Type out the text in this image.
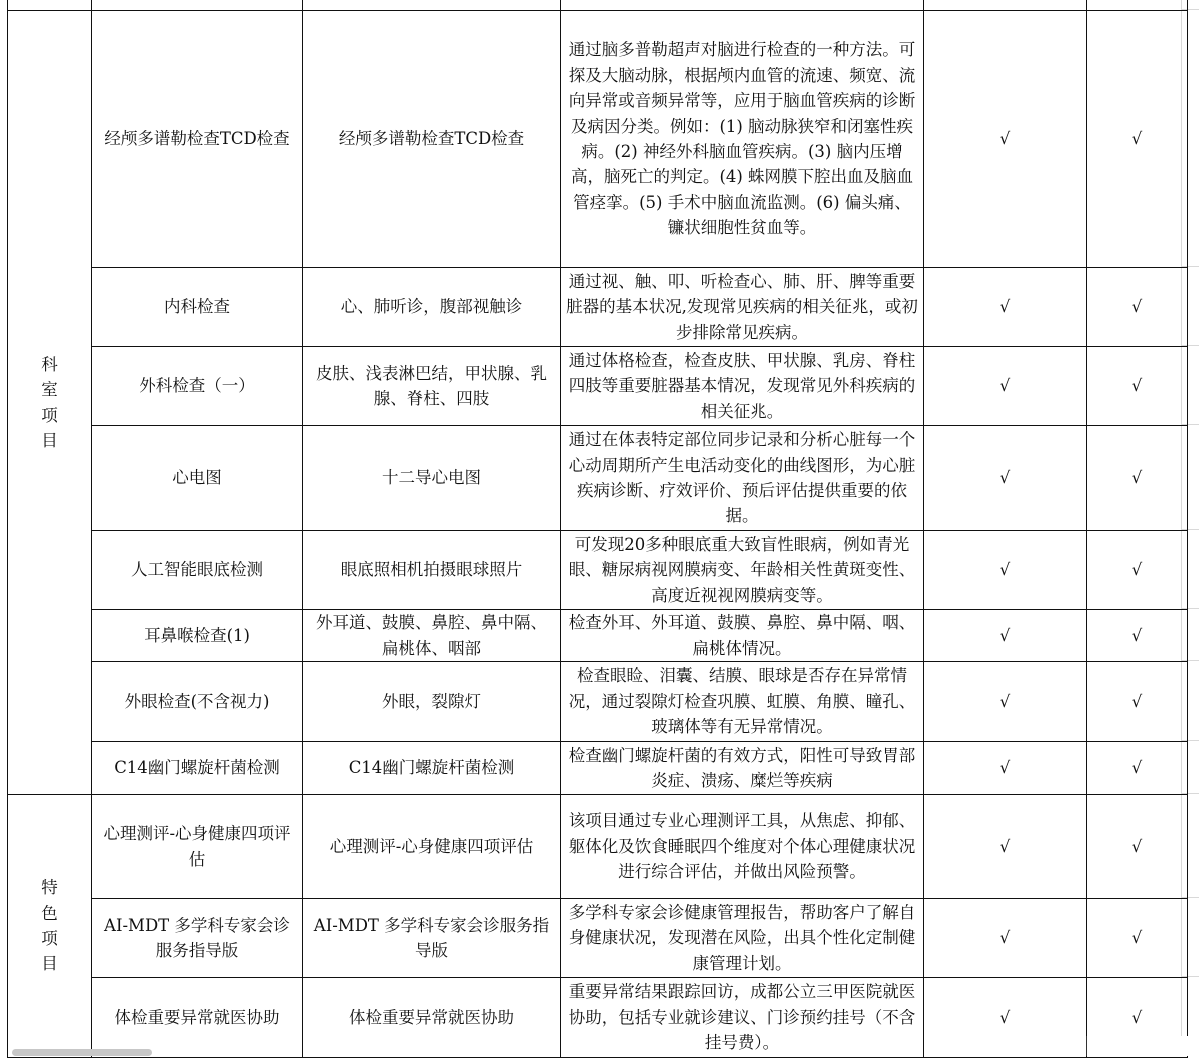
科
室
项
目	经颅多谱勒检查TCD检查	经颅多谱勒检查TCD检查	通过脑多普勒超声对脑进行检查的一种方法。可探及大脑动脉，根据颅内血管的流速、频宽、流向异常或音频异常等，应用于脑血管疾病的诊断及病因分类。例如：(1) 脑动脉狭窄和闭塞性疾病。(2) 神经外科脑血管疾病。(3) 脑内压增高，脑死亡的判定。(4) 蛛网膜下腔出血及脑血管痉挛。(5) 手术中脑血流监测。(6) 偏头痛、镰状细胞性贫血等。	√	√
	内科检查	心、肺听诊，腹部视触诊	通过视、触、叩、听检查心、肺、肝、脾等重要脏器的基本状况,发现常见疾病的相关征兆，或初步排除常见疾病。	√	√
	外科检查（一）	皮肤、浅表淋巴结，甲状腺、乳腺、脊柱、四肢	通过体格检查，检查皮肤、甲状腺、乳房、脊柱四肢等重要脏器基本情况，发现常见外科疾病的相关征兆。	√	√
	心电图	十二导心电图	通过在体表特定部位同步记录和分析心脏每一个心动周期所产生电活动变化的曲线图形，为心脏疾病诊断、疗效评价、预后评估提供重要的依据。	√	√
	人工智能眼底检测	眼底照相机拍摄眼球照片	可发现20多种眼底重大致盲性眼病，例如青光眼、糖尿病视网膜病变、年龄相关性黄斑变性、高度近视视网膜病变等。	√	√
	耳鼻喉检查(1)	外耳道、鼓膜、鼻腔、鼻中隔、扁桃体、咽部	检查外耳、外耳道、鼓膜、鼻腔、鼻中隔、咽、扁桃体情况。	√	√
	外眼检查(不含视力)	外眼，裂隙灯	检查眼睑、泪囊、结膜、眼球是否存在异常情况，通过裂隙灯检查巩膜、虹膜、角膜、瞳孔、玻璃体等有无异常情况。	√	√
	C14幽门螺旋杆菌检测	C14幽门螺旋杆菌检测	检查幽门螺旋杆菌的有效方式，阳性可导致胃部炎症、溃疡、糜烂等疾病	√	√
特
色
项
目	心理测评-心身健康四项评估	心理测评-心身健康四项评估	该项目通过专业心理测评工具，从焦虑、抑郁、躯体化及饮食睡眠四个维度对个体心理健康状况进行综合评估，并做出风险预警。	√	√
	AI-MDT 多学科专家会诊服务指导版	AI-MDT 多学科专家会诊服务指导版	多学科专家会诊健康管理报告，帮助客户了解自身健康状况，发现潜在风险，出具个性化定制健康管理计划。	√	√
	体检重要异常就医协助	体检重要异常就医协助	重要异常结果跟踪回访，成都公立三甲医院就医协助，包括专业就诊建议、门诊预约挂号（不含挂号费）。	√	√
